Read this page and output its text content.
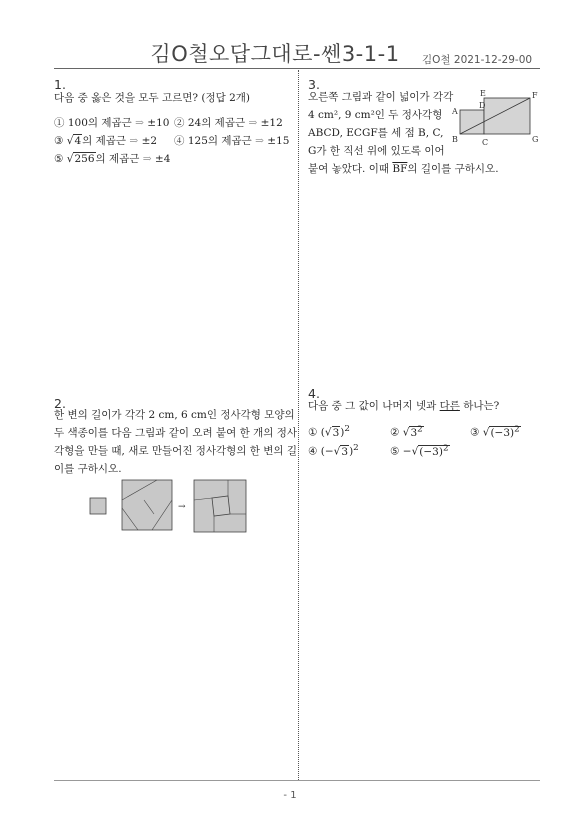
김O철오답그대로-쎈3-1-1	김O철 2021-12-29-00
1.
다음 중 옳은 것을 모두 고르면? (정답 2개)
① 100의 제곱근 ⇒ ±10 ② 24의 제곱근 ⇒ ±12
③ √4의 제곱근 ⇒ ±2 ④ 125의 제곱근 ⇒ ±15
⑤ √256의 제곱근 ⇒ ±4
3.
오른쪽 그림과 같이 넓이가 각각
4 cm², 9 cm²인 두 정사각형
ABCD, ECGF를 세 점 B, C,
G가 한 직선 위에 있도록 이어
붙여 놓았다. 이때 $\overline{BF}$의 길이를 구하시오.
A
B	C
D
E	F
G
2.
한 변의 길이가 각각 2 cm, 6 cm인 정사각형 모양의
두 색종이를 다음 그림과 같이 오려 붙여 한 개의 정사
각형을 만들 때, 새로 만들어진 정사각형의 한 변의 길
이를 구하시오.
→
4.
다음 중 그 값이 나머지 넷과 다른 하나는?
① $(√3)^2$	② $√3^2$	③ $√(-3)^2$
④ $(-√3)^2$	⑤ $-√(-3)^2$
- 1
